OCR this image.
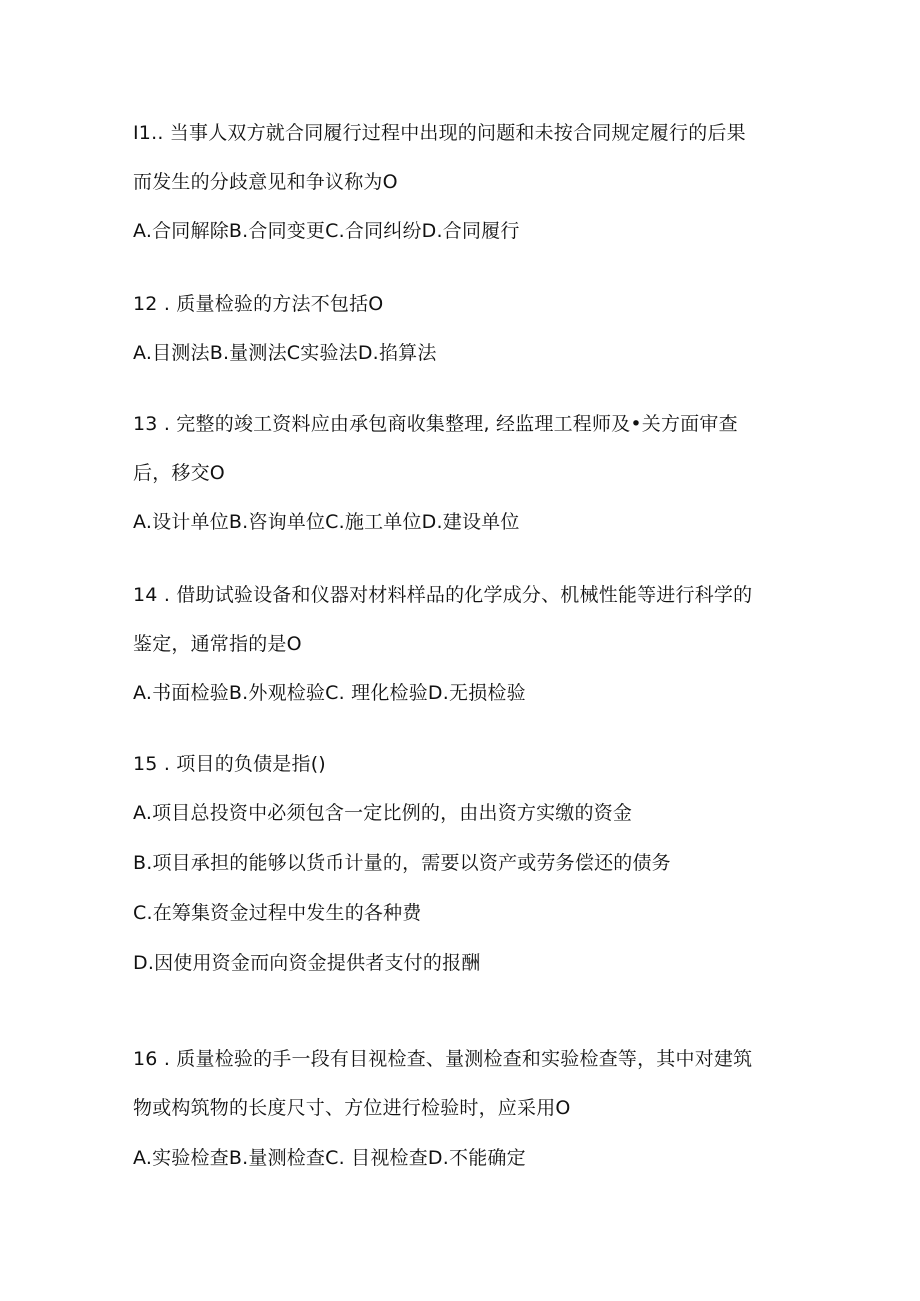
I1.. 当事人双方就合同履行过程中出现的问题和未按合同规定履行的后果
而发生的分歧意见和争议称为O
A.合同解除B.合同变更C.合同纠纷D.合同履行
12 . 质量检验的方法不包括O
A.目测法B.量测法C实验法D.掐算法
13 . 完整的竣工资料应由承包商收集整理, 经监理工程师及•关方面审查
后，移交O
A.设计单位B.咨询单位C.施工单位D.建设单位
14 . 借助试验设备和仪器对材料样品的化学成分、机械性能等进行科学的
鉴定，通常指的是O
A.书面检验B.外观检验C. 理化检验D.无损检验
15 . 项目的负债是指()
A.项目总投资中必须包含一定比例的，由出资方实缴的资金
B.项目承担的能够以货币计量的，需要以资产或劳务偿还的债务
C.在筹集资金过程中发生的各种费
D.因使用资金而向资金提供者支付的报酬
16 . 质量检验的手一段有目视检查、量测检查和实验检查等，其中对建筑
物或构筑物的长度尺寸、方位进行检验时，应采用O
A.实验检查B.量测检查C. 目视检查D.不能确定
